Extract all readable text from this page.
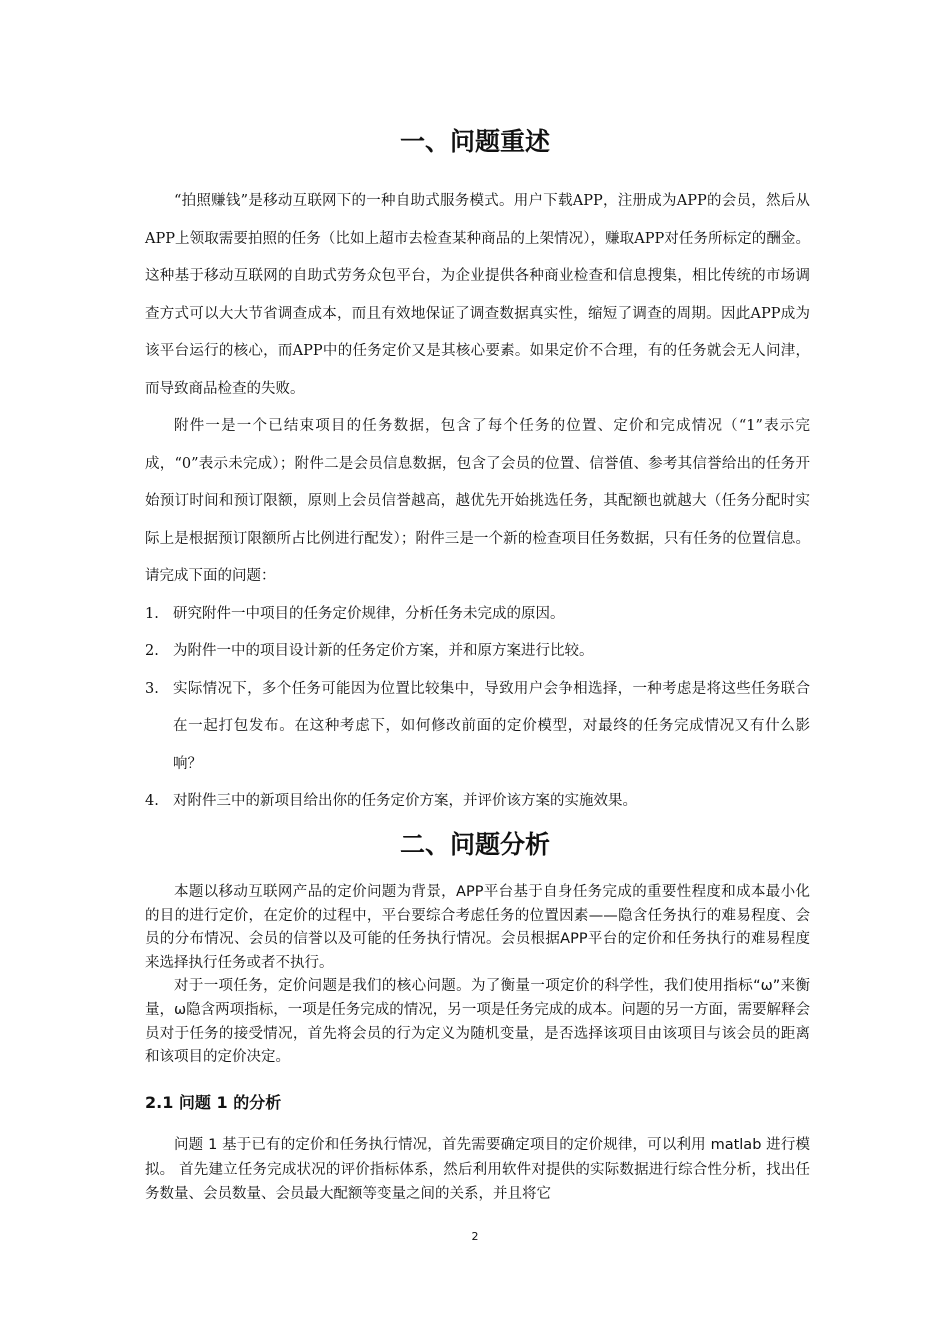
一、问题重述

“拍照赚钱”是移动互联网下的一种自助式服务模式。用户下载APP，注册成为APP的会员，然后从APP上领取需要拍照的任务（比如上超市去检查某种商品的上架情况），赚取APP对任务所标定的酬金。这种基于移动互联网的自助式劳务众包平台，为企业提供各种商业检查和信息搜集，相比传统的市场调查方式可以大大节省调查成本，而且有效地保证了调查数据真实性，缩短了调查的周期。因此APP成为该平台运行的核心，而APP中的任务定价又是其核心要素。如果定价不合理，有的任务就会无人问津，而导致商品检查的失败。

附件一是一个已结束项目的任务数据，包含了每个任务的位置、定价和完成情况（“1”表示完成，“0”表示未完成）；附件二是会员信息数据，包含了会员的位置、信誉值、参考其信誉给出的任务开始预订时间和预订限额，原则上会员信誉越高，越优先开始挑选任务，其配额也就越大（任务分配时实际上是根据预订限额所占比例进行配发）；附件三是一个新的检查项目任务数据，只有任务的位置信息。请完成下面的问题：

1. 研究附件一中项目的任务定价规律，分析任务未完成的原因。
2. 为附件一中的项目设计新的任务定价方案，并和原方案进行比较。
3. 实际情况下，多个任务可能因为位置比较集中，导致用户会争相选择，一种考虑是将这些任务联合在一起打包发布。在这种考虑下，如何修改前面的定价模型，对最终的任务完成情况又有什么影响？
4. 对附件三中的新项目给出你的任务定价方案，并评价该方案的实施效果。
二、问题分析

本题以移动互联网产品的定价问题为背景，APP平台基于自身任务完成的重要性程度和成本最小化的目的进行定价，在定价的过程中，平台要综合考虑任务的位置因素——隐含任务执行的难易程度、会员的分布情况、会员的信誉以及可能的任务执行情况。会员根据APP平台的定价和任务执行的难易程度来选择执行任务或者不执行。

对于一项任务，定价问题是我们的核心问题。为了衡量一项定价的科学性，我们使用指标“ω”来衡量，ω隐含两项指标，一项是任务完成的情况，另一项是任务完成的成本。问题的另一方面，需要解释会员对于任务的接受情况，首先将会员的行为定义为随机变量，是否选择该项目由该项目与该会员的距离和该项目的定价决定。

2.1 问题 1 的分析

问题 1 基于已有的定价和任务执行情况，首先需要确定项目的定价规律，可以利用 matlab 进行模拟。 首先建立任务完成状况的评价指标体系，然后利用软件对提供的实际数据进行综合性分析，找出任务数量、会员数量、会员最大配额等变量之间的关系，并且将它

2
